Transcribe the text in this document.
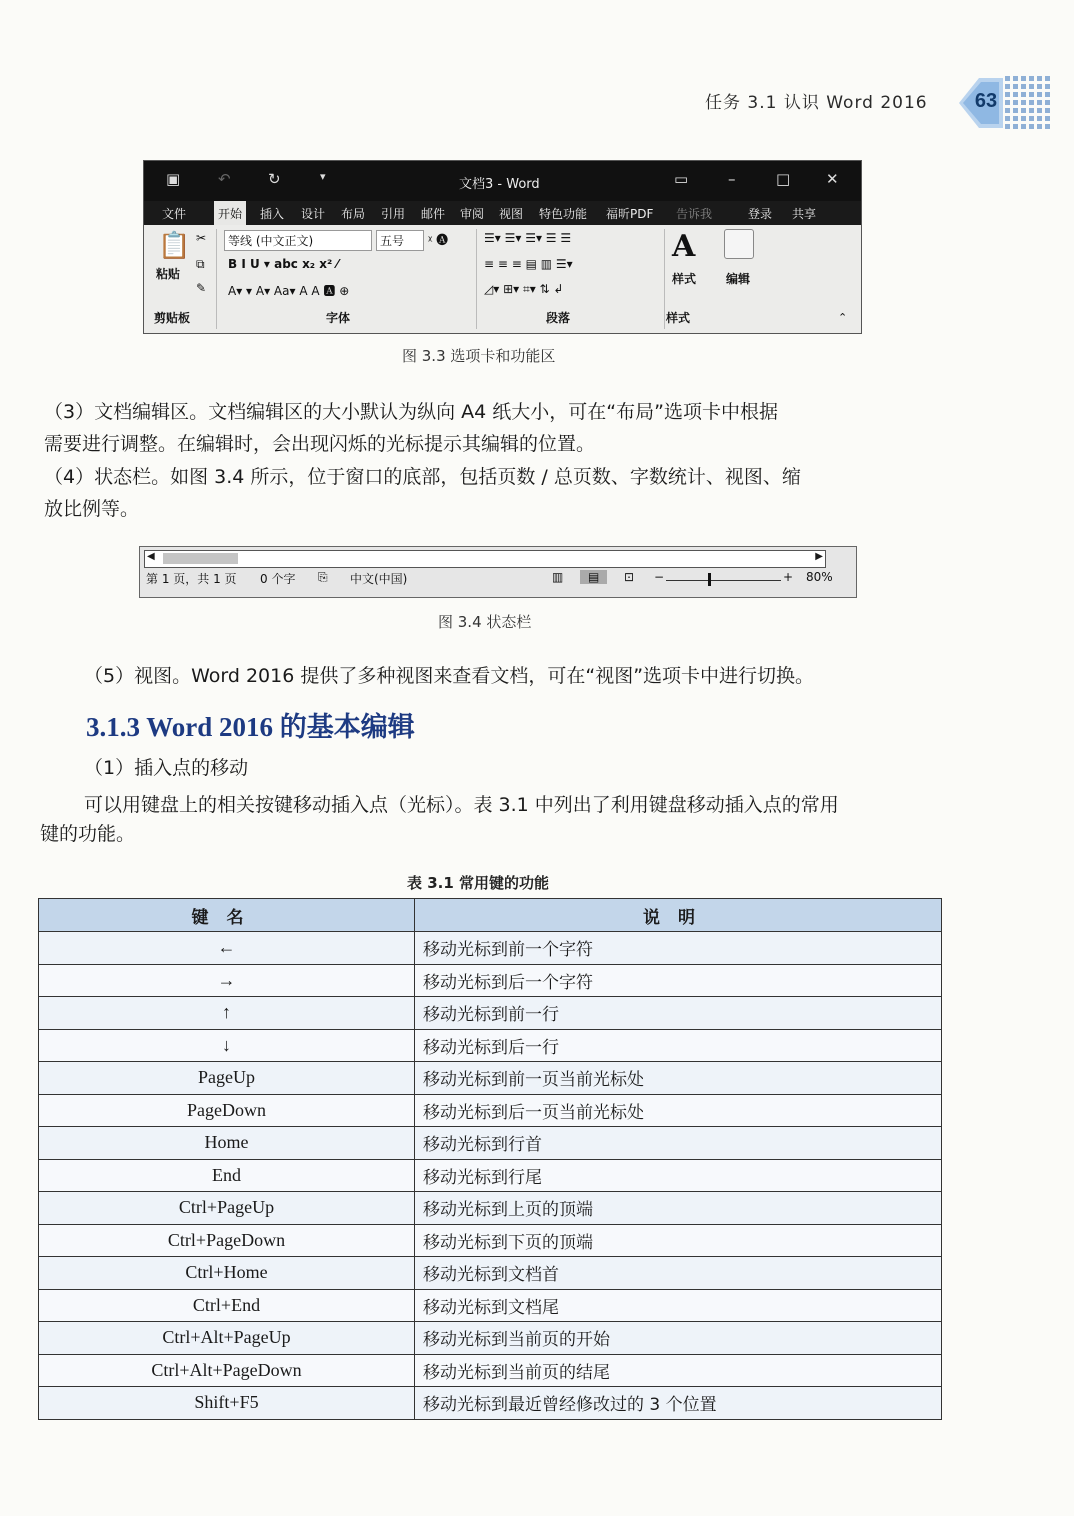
任务 3.1 认识 Word 2016	63
▣	↶ ↻	▾
文档3 - Word	▭	–	□ ✕
文件	开始	插入 设计 布局 引用 邮件 审阅 视图 特色功能 福昕PDF 告诉我	登录 共享
📋
粘贴
✂
⧉
✎
等线 (中文正文)	五号	ᵡ 🅐
B I U ▾ abc x₂ x² ⁄
A▾ ▾ A▾ Aa▾ A A 🅰 ⊕
☰▾ ☰▾ ☰▾ ☰ ☰
≡ ≡ ≡ ▤ ▥ ☰▾
◿▾ ⊞▾ ⌗▾ ⇅ ↲
A
样式 编辑
剪贴板	字体	段落	样式	⌃
图 3.3 选项卡和功能区
（3）文档编辑区。文档编辑区的大小默认为纵向 A4 纸大小，可在“布局”选项卡中根据
需要进行调整。在编辑时，会出现闪烁的光标提示其编辑的位置。
（4）状态栏。如图 3.4 所示，位于窗口的底部，包括页数 / 总页数、字数统计、视图、缩
放比例等。
◀	▶
第 1 页，共 1 页 0 个字 ⎘ 中文(中国)	▥	▤	⊡ −	+ 80%
图 3.4 状态栏
（5）视图。Word 2016 提供了多种视图来查看文档，可在“视图”选项卡中进行切换。
3.1.3 Word 2016 的基本编辑
（1）插入点的移动
可以用键盘上的相关按键移动插入点（光标）。表 3.1 中列出了利用键盘移动插入点的常用
键的功能。
表 3.1 常用键的功能
键名	说明
←	移动光标到前一个字符
→	移动光标到后一个字符
↑	移动光标到前一行
↓	移动光标到后一行
PageUp	移动光标到前一页当前光标处
PageDown	移动光标到后一页当前光标处
Home	移动光标到行首
End	移动光标到行尾
Ctrl+PageUp	移动光标到上页的顶端
Ctrl+PageDown	移动光标到下页的顶端
Ctrl+Home	移动光标到文档首
Ctrl+End	移动光标到文档尾
Ctrl+Alt+PageUp	移动光标到当前页的开始
Ctrl+Alt+PageDown	移动光标到当前页的结尾
Shift+F5	移动光标到最近曾经修改过的 3 个位置
